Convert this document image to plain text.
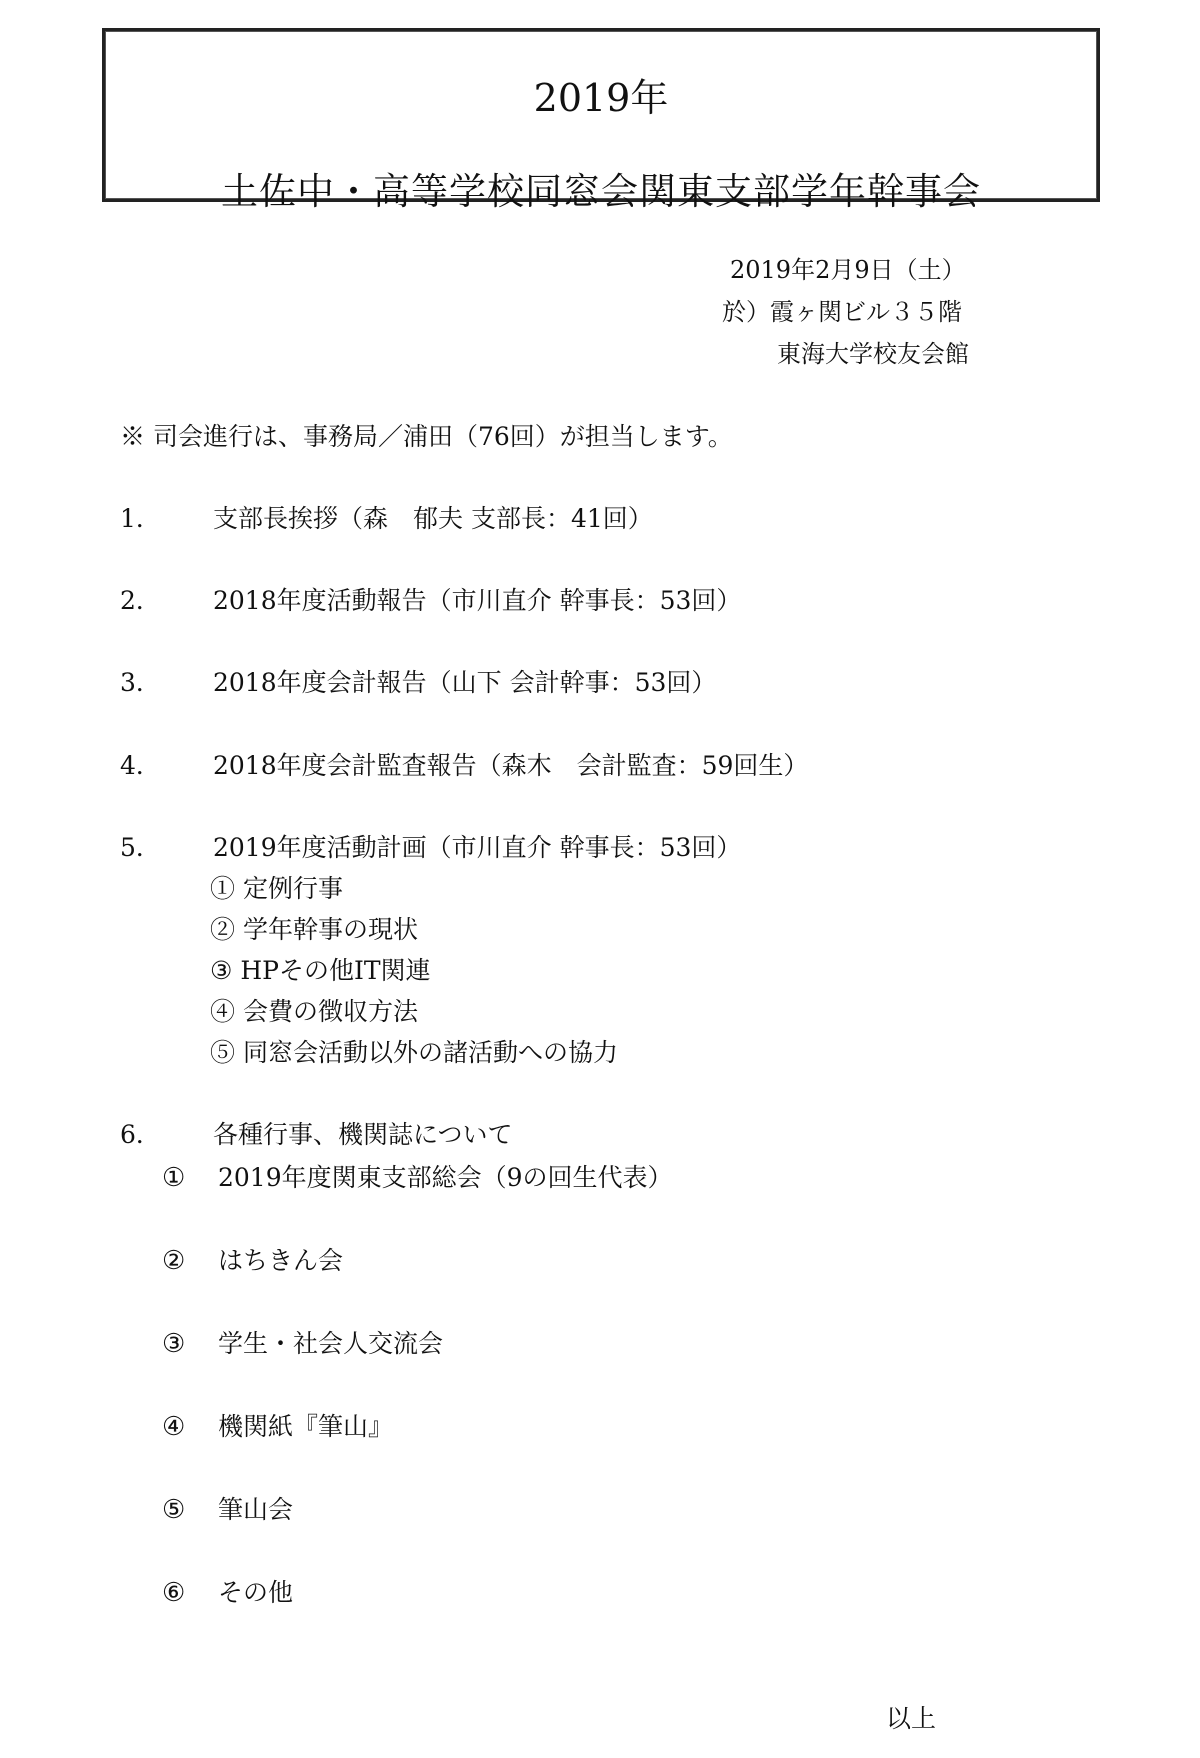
2019年
土佐中・高等学校同窓会関東支部学年幹事会
2019年2月9日（土）
於）霞ヶ関ビル３５階
東海大学校友会館
※ 司会進行は、事務局／浦田（76回）が担当します。
1． 支部長挨拶（森　郁夫 支部長：41回）
2． 2018年度活動報告（市川直介 幹事長：53回）
3． 2018年度会計報告（山下 会計幹事：53回）
4． 2018年度会計監査報告（森木　会計監査：59回生）
5． 2019年度活動計画（市川直介 幹事長：53回）
① 定例行事
② 学年幹事の現状
③ HPその他IT関連
④ 会費の徴収方法
⑤ 同窓会活動以外の諸活動への協力
6． 各種行事、機関誌について
① 2019年度関東支部総会（9の回生代表）
② はちきん会
③ 学生・社会人交流会
④ 機関紙『筆山』
⑤ 筆山会
⑥ その他
以上
